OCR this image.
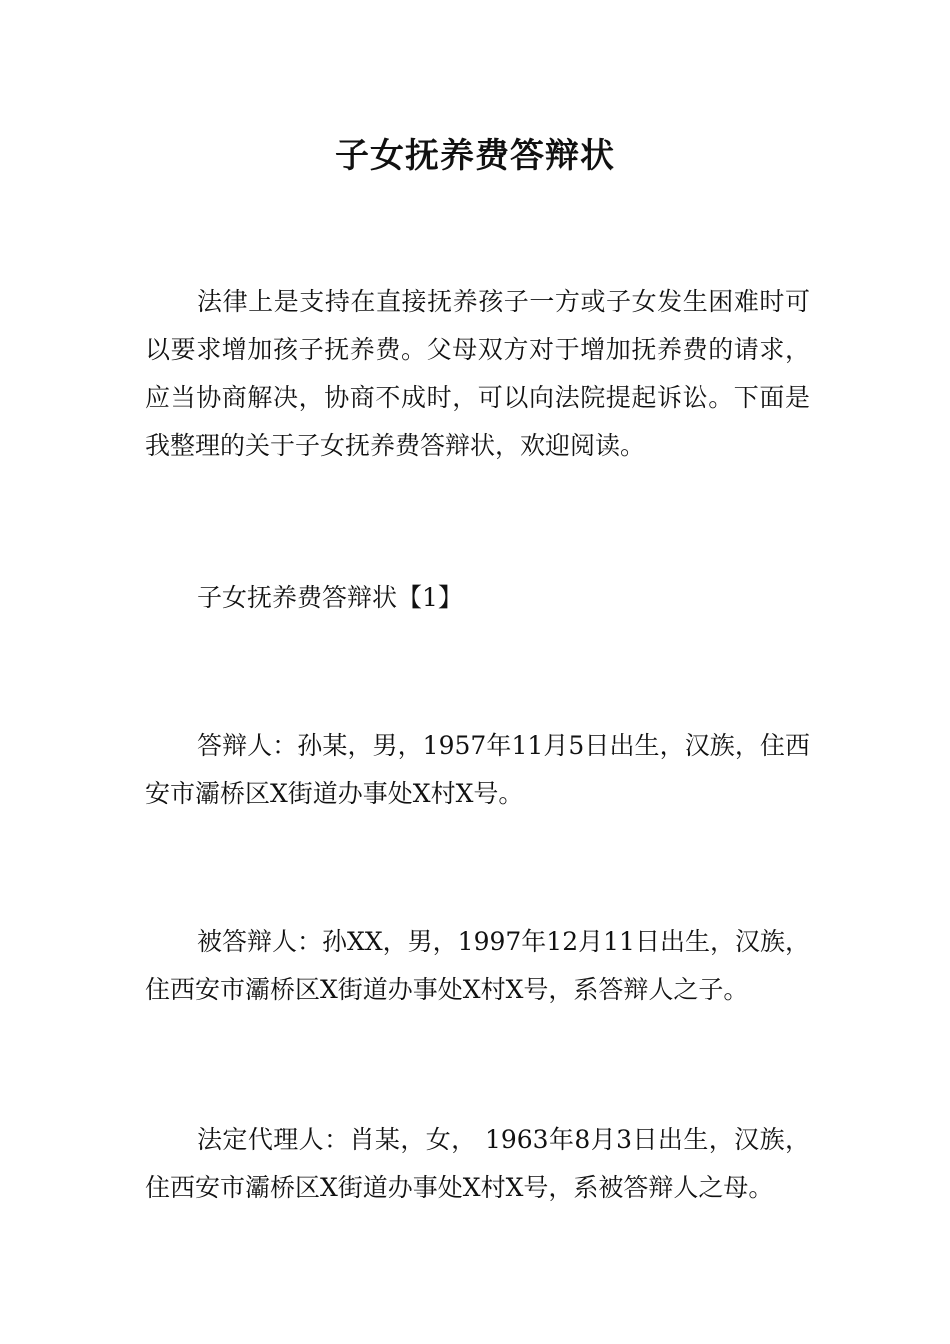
子女抚养费答辩状

法律上是支持在直接抚养孩子一方或子女发生困难时可以要求增加孩子抚养费。父母双方对于增加抚养费的请求，应当协商解决，协商不成时，可以向法院提起诉讼。下面是我整理的关于子女抚养费答辩状，欢迎阅读。

子女抚养费答辩状【1】

答辩人：孙某，男，1957年11月5日出生，汉族，住西安市灞桥区X街道办事处X村X号。

被答辩人：孙XX，男，1997年12月11日出生，汉族，住西安市灞桥区X街道办事处X村X号，系答辩人之子。

法定代理人：肖某，女， 1963年8月3日出生，汉族，住西安市灞桥区X街道办事处X村X号，系被答辩人之母。
